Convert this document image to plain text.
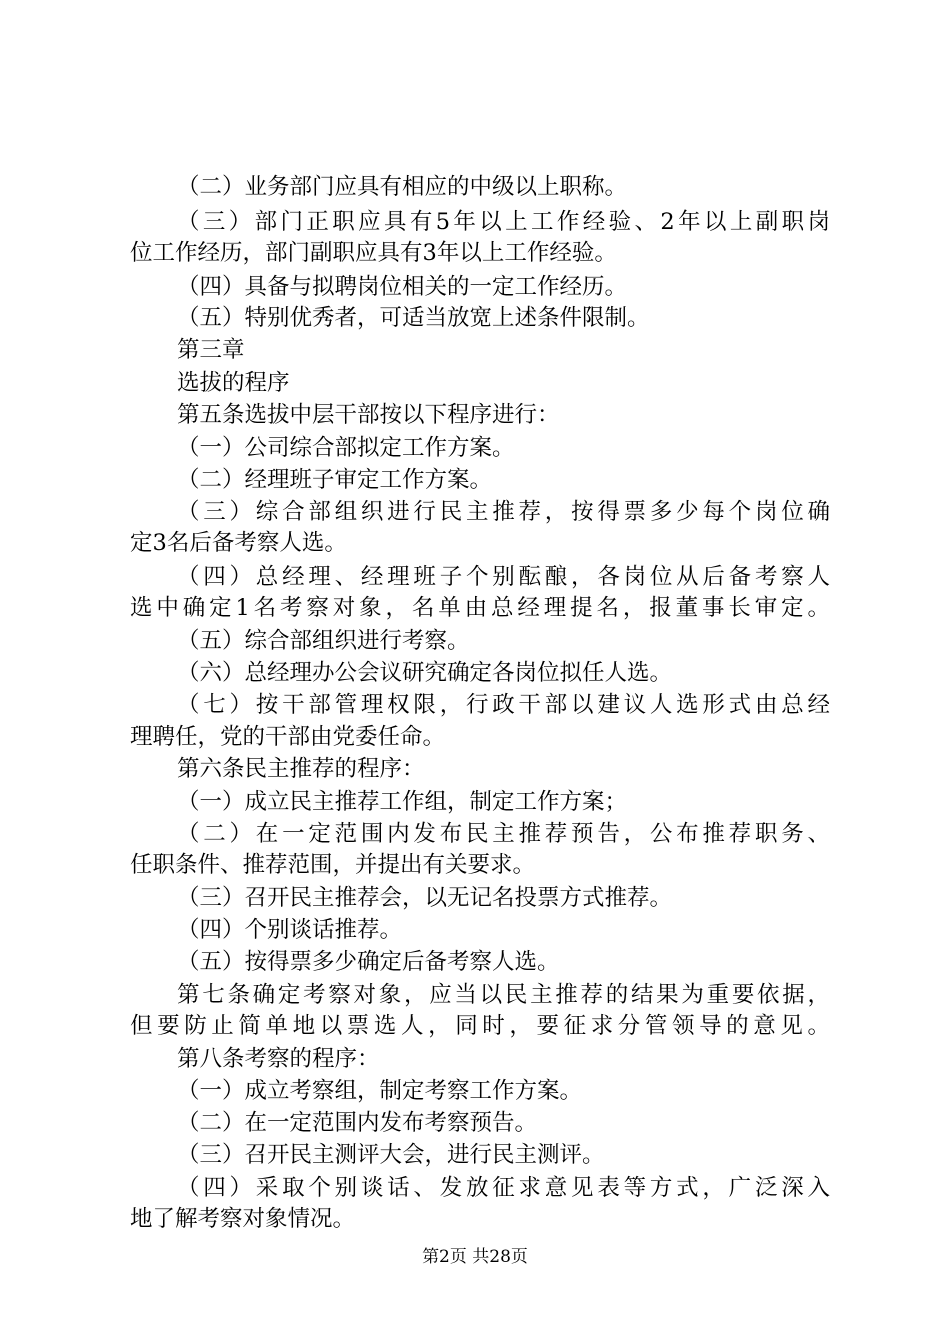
（二）业务部门应具有相应的中级以上职称。
（三）部门正职应具有5年以上工作经验、2年以上副职岗
位工作经历，部门副职应具有3年以上工作经验。
（四）具备与拟聘岗位相关的一定工作经历。
（五）特别优秀者，可适当放宽上述条件限制。
第三章
选拔的程序
第五条选拔中层干部按以下程序进行：
（一）公司综合部拟定工作方案。
（二）经理班子审定工作方案。
（三）综合部组织进行民主推荐，按得票多少每个岗位确
定3名后备考察人选。
（四）总经理、经理班子个别酝酿，各岗位从后备考察人
选中确定1名考察对象，名单由总经理提名，报董事长审定。
（五）综合部组织进行考察。
（六）总经理办公会议研究确定各岗位拟任人选。
（七）按干部管理权限，行政干部以建议人选形式由总经
理聘任，党的干部由党委任命。
第六条民主推荐的程序：
（一）成立民主推荐工作组，制定工作方案；
（二）在一定范围内发布民主推荐预告，公布推荐职务、
任职条件、推荐范围，并提出有关要求。
（三）召开民主推荐会，以无记名投票方式推荐。
（四）个别谈话推荐。
（五）按得票多少确定后备考察人选。
第七条确定考察对象，应当以民主推荐的结果为重要依据，
但要防止简单地以票选人，同时，要征求分管领导的意见。
第八条考察的程序：
（一）成立考察组，制定考察工作方案。
（二）在一定范围内发布考察预告。
（三）召开民主测评大会，进行民主测评。
（四）采取个别谈话、发放征求意见表等方式，广泛深入
地了解考察对象情况。
第2页 共28页
